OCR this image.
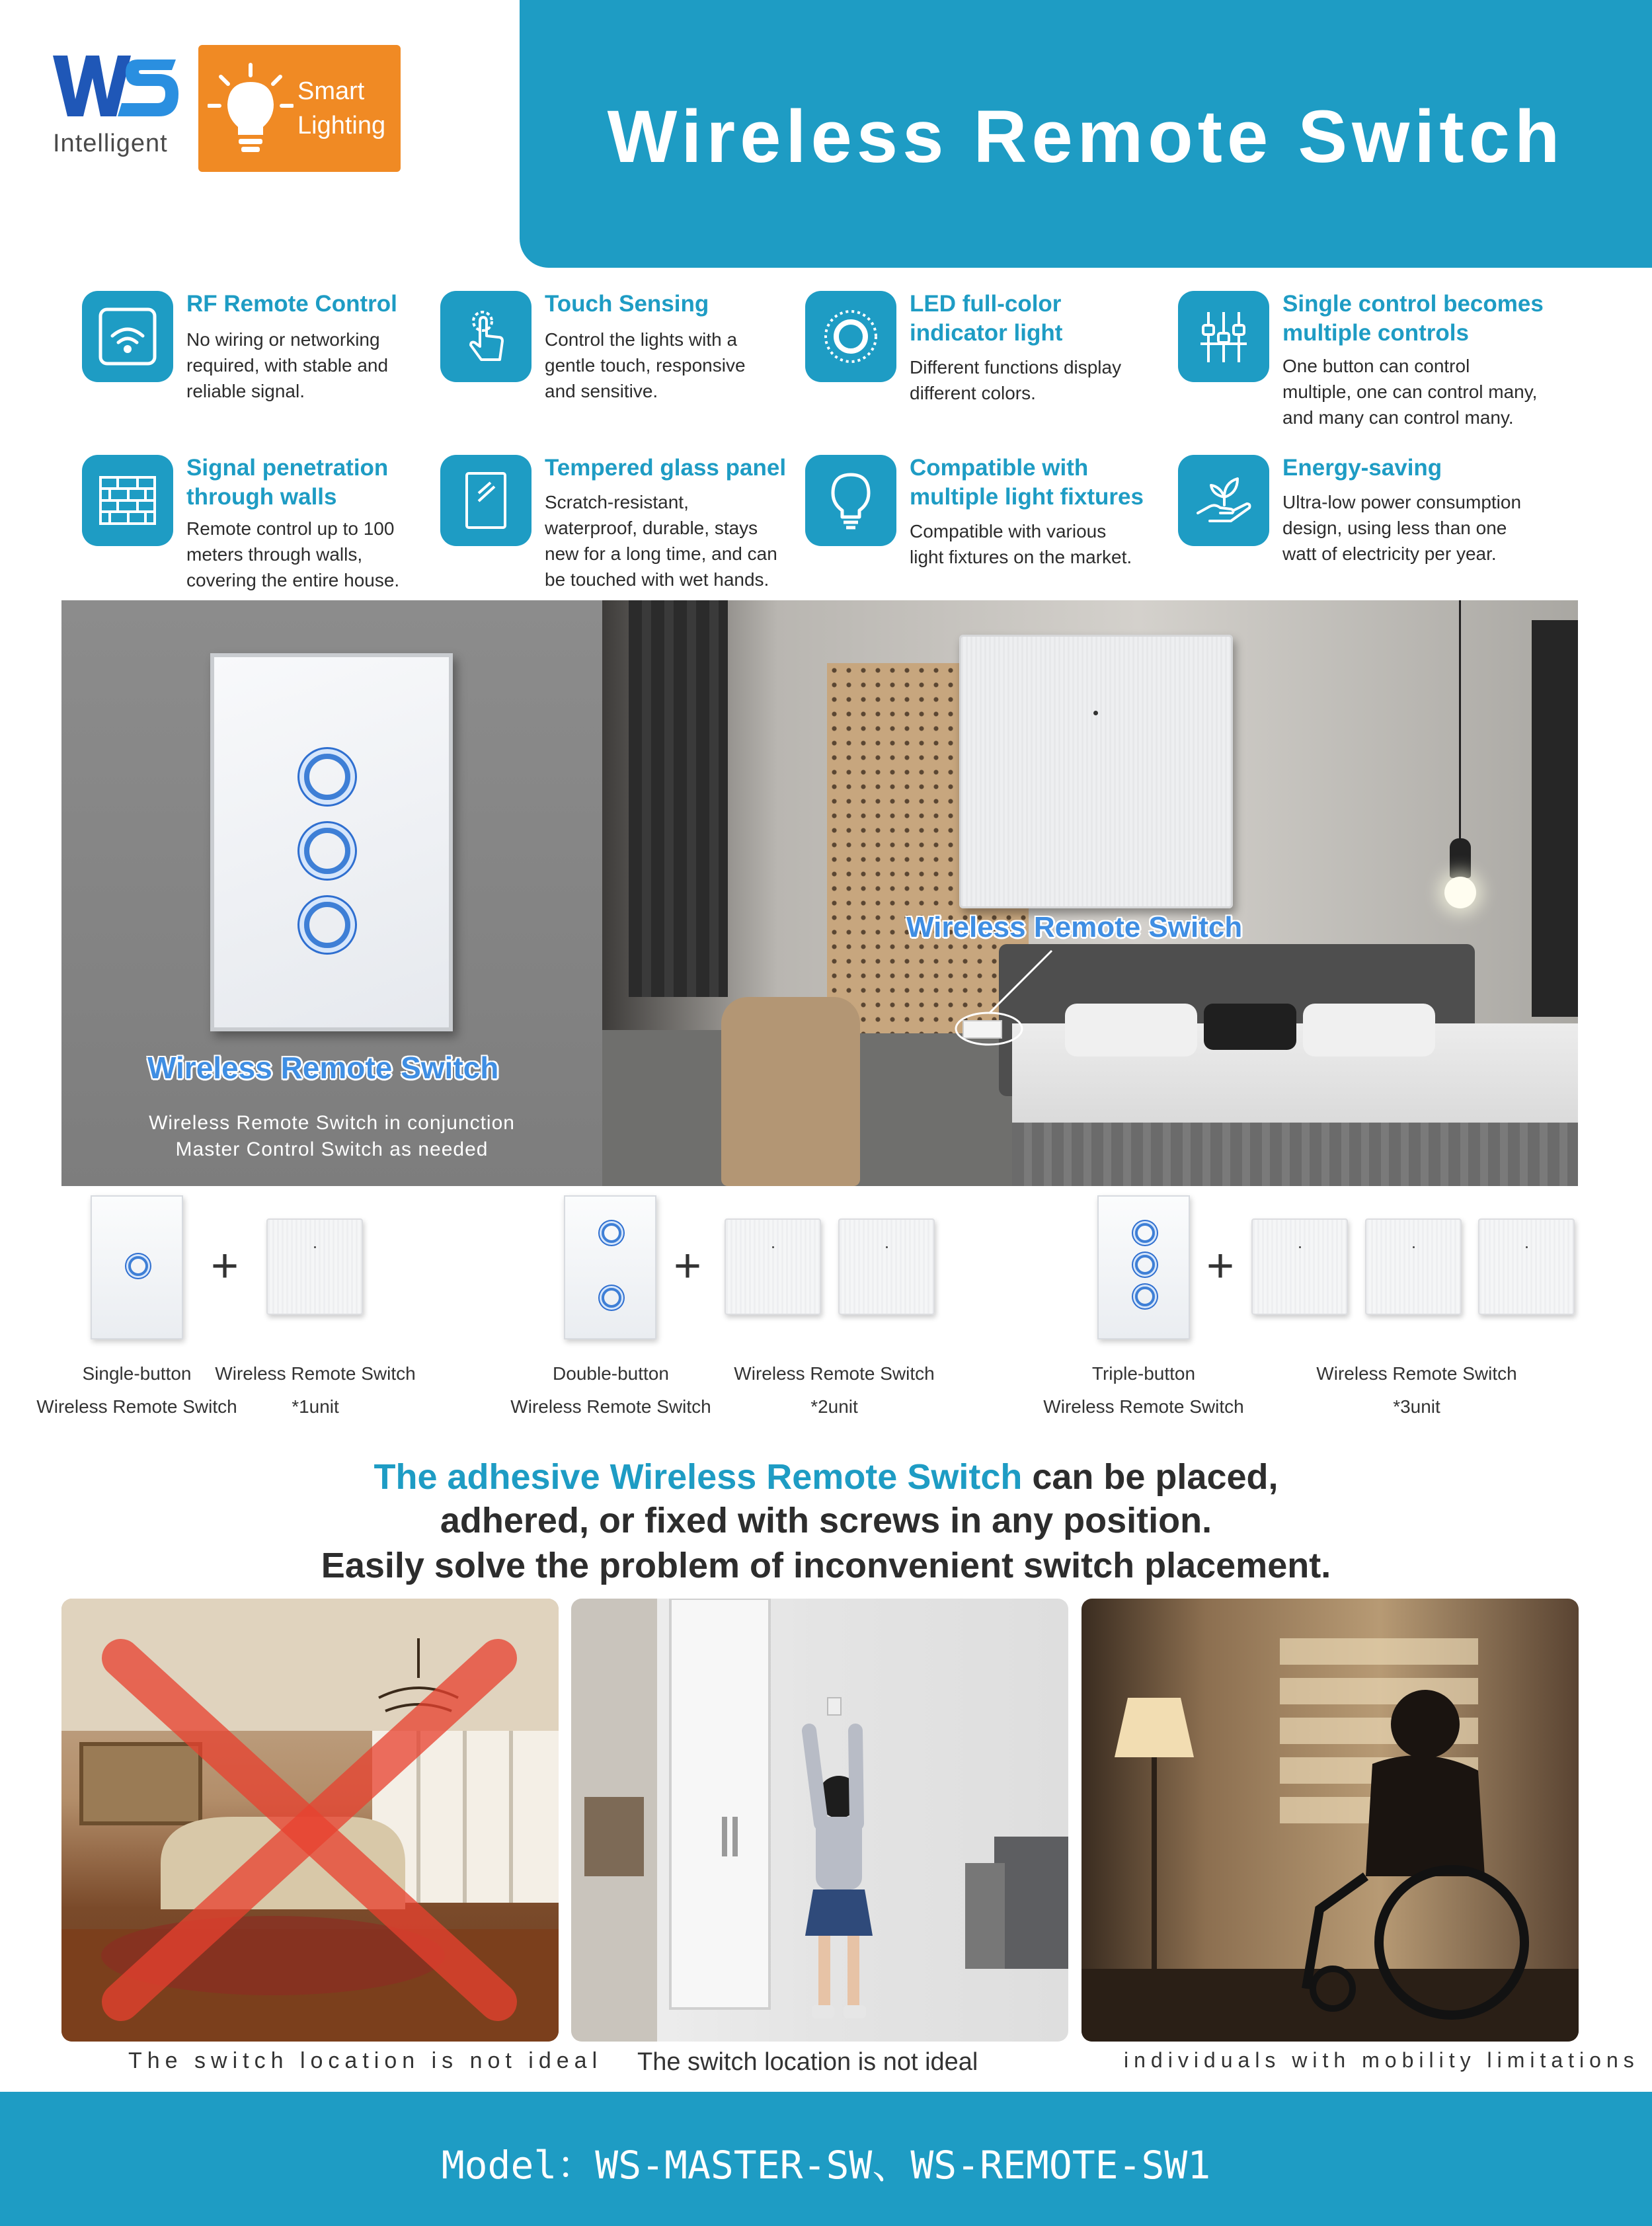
Intelligent
Smart
Lighting	Wireless Remote Switch
RF Remote Control
No wiring or networking
required, with stable and
reliable signal.
Touch Sensing
Control the lights with a
gentle touch, responsive
and sensitive.
LED full-color
indicator light
Different functions display
different colors.
Single control becomes
multiple controls
One button can control
multiple, one can control many,
and many can control many.
Signal penetration
through walls
Remote control up to 100
meters through walls,
covering the entire house.
Tempered glass panel
Scratch-resistant,
waterproof, durable, stays
new for a long time, and can
be touched with wet hands.
Compatible with
multiple light fixtures
Compatible with various
light fixtures on the market.
Energy-saving
Ultra-low power consumption
design, using less than one
watt of electricity per year.
Wireless Remote Switch
Wireless Remote Switch in conjunction
Master Control Switch as needed
Wireless Remote Switch
+	+	+
Single-button
Wireless Remote Switch
Wireless Remote Switch
*1unit
Double-button
Wireless Remote Switch
Wireless Remote Switch
*2unit
Triple-button
Wireless Remote Switch
Wireless Remote Switch
*3unit
The adhesive Wireless Remote Switch can be placed,
adhered, or fixed with screws in any position.
Easily solve the problem of inconvenient switch placement.
The switch location is not ideal The switch location is not ideal	individuals with mobility limitations
Model：WS-MASTER-SW、WS-REMOTE-SW1
